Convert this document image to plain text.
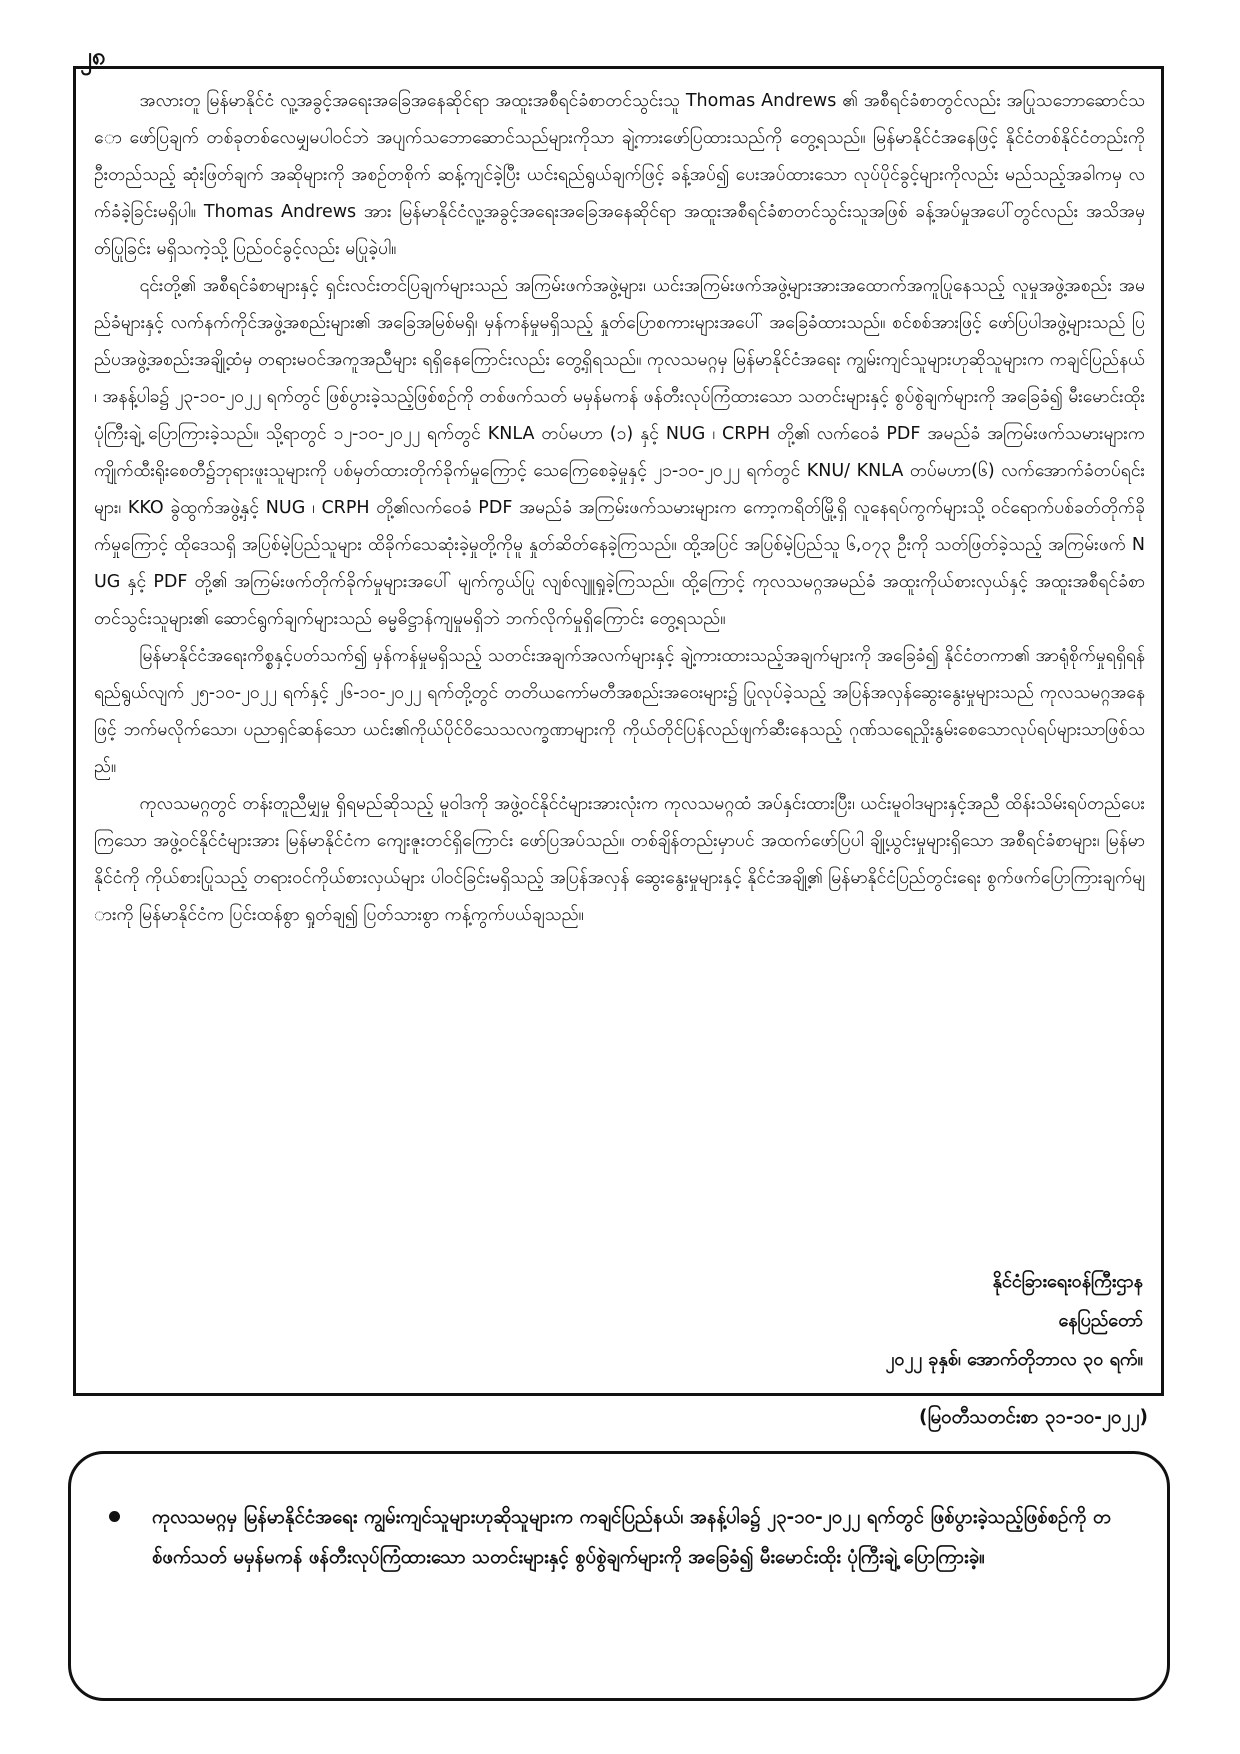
၂၈

အလားတူ မြန်မာနိုင်ငံ လူ့အခွင့်အရေးအခြေအနေဆိုင်ရာ အထူးအစီရင်ခံစာတင်သွင်းသူ Thomas Andrews ၏ အစီရင်ခံစာတွင်လည်း အပြုသဘောဆောင်သော ဖော်ပြချက် တစ်ခုတစ်လေမျှမပါဝင်ဘဲ အပျက်သဘောဆောင်သည်များကိုသာ ချဲ့ကားဖော်ပြထားသည်ကို တွေ့ရသည်။ မြန်မာနိုင်ငံအနေဖြင့် နိုင်ငံတစ်နိုင်ငံတည်းကို ဦးတည်သည့် ဆုံးဖြတ်ချက် အဆိုများကို အစဉ်တစိုက် ဆန့်ကျင်ခဲ့ပြီး ယင်းရည်ရွယ်ချက်ဖြင့် ခန့်အပ်၍ ပေးအပ်ထားသော လုပ်ပိုင်ခွင့်များကိုလည်း မည်သည့်အခါကမှ လက်ခံခဲ့ခြင်းမရှိပါ။ Thomas Andrews အား မြန်မာနိုင်ငံလူ့အခွင့်အရေးအခြေအနေဆိုင်ရာ အထူးအစီရင်ခံစာတင်သွင်းသူအဖြစ် ခန့်အပ်မှုအပေါ်တွင်လည်း အသိအမှတ်ပြုခြင်း မရှိသကဲ့သို့ ပြည်ဝင်ခွင့်လည်း မပြုခဲ့ပါ။

၎င်းတို့၏ အစီရင်ခံစာများနှင့် ရှင်းလင်းတင်ပြချက်များသည် အကြမ်းဖက်အဖွဲ့များ၊ ယင်းအကြမ်းဖက်အဖွဲ့များအားအထောက်အကူပြုနေသည့် လူမှုအဖွဲ့အစည်း အမည်ခံများနှင့် လက်နက်ကိုင်အဖွဲ့အစည်းများ၏ အခြေအမြစ်မရှိ၊ မှန်ကန်မှုမရှိသည့် နှုတ်ပြောစကားများအပေါ် အခြေခံထားသည်။ စင်စစ်အားဖြင့် ဖော်ပြပါအဖွဲ့များသည် ပြည်ပအဖွဲ့အစည်းအချို့ထံမှ တရားမဝင်အကူအညီများ ရရှိနေကြောင်းလည်း တွေ့ရှိရသည်။ ကုလသမဂ္ဂမှ မြန်မာနိုင်ငံအရေး ကျွမ်းကျင်သူများဟုဆိုသူများက ကချင်ပြည်နယ်၊ အနန့်ပါခ၌ ၂၃-၁၀-၂၀၂၂ ရက်တွင် ဖြစ်ပွားခဲ့သည့်ဖြစ်စဉ်ကို တစ်ဖက်သတ် မမှန်မကန် ဖန်တီးလုပ်ကြံထားသော သတင်းများနှင့် စွပ်စွဲချက်များကို အခြေခံ၍ မီးမောင်းထိုး ပုံကြီးချဲ့ ပြောကြားခဲ့သည်။ သို့ရာတွင် ၁၂-၁၀-၂၀၂၂ ရက်တွင် KNLA တပ်မဟာ (၁) နှင့် NUG ၊ CRPH တို့၏ လက်ဝေခံ PDF အမည်ခံ အကြမ်းဖက်သမားများက ကျိုက်ထီးရိုးစေတီ၌ဘုရားဖူးသူများကို ပစ်မှတ်ထားတိုက်ခိုက်မှုကြောင့် သေကြေစေခဲ့မှုနှင့် ၂၁-၁၀-၂၀၂၂ ရက်တွင် KNU/ KNLA တပ်မဟာ(၆) လက်အောက်ခံတပ်ရင်းများ၊ KKO ခွဲထွက်အဖွဲ့နှင့် NUG ၊ CRPH တို့၏လက်ဝေခံ PDF အမည်ခံ အကြမ်းဖက်သမားများက ကော့ကရိတ်မြို့ရှိ လူနေရပ်ကွက်များသို့ ဝင်ရောက်ပစ်ခတ်တိုက်ခိုက်မှုကြောင့် ထိုဒေသရှိ အပြစ်မဲ့ပြည်သူများ ထိခိုက်သေဆုံးခဲ့မှုတို့ကိုမူ နှုတ်ဆိတ်နေခဲ့ကြသည်။ ထို့အပြင် အပြစ်မဲ့ပြည်သူ ၆,၀၇၃ ဦးကို သတ်ဖြတ်ခဲ့သည့် အကြမ်းဖက် NUG နှင့် PDF တို့၏ အကြမ်းဖက်တိုက်ခိုက်မှုများအပေါ် မျက်ကွယ်ပြု လျစ်လျူရှုခဲ့ကြသည်။ ထို့ကြောင့် ကုလသမဂ္ဂအမည်ခံ အထူးကိုယ်စားလှယ်နှင့် အထူးအစီရင်ခံစာ တင်သွင်းသူများ၏ ဆောင်ရွက်ချက်များသည် ဓမ္မဓိဋ္ဌာန်ကျမှုမရှိဘဲ ဘက်လိုက်မှုရှိကြောင်း တွေ့ရသည်။

မြန်မာနိုင်ငံအရေးကိစ္စနှင့်ပတ်သက်၍ မှန်ကန်မှုမရှိသည့် သတင်းအချက်အလက်များနှင့် ချဲ့ကားထားသည့်အချက်များကို အခြေခံ၍ နိုင်ငံတကာ၏ အာရုံစိုက်မှုရရှိရန် ရည်ရွယ်လျက် ၂၅-၁၀-၂၀၂၂ ရက်နှင့် ၂၆-၁၀-၂၀၂၂ ရက်တို့တွင် တတိယကော်မတီအစည်းအဝေးများ၌ ပြုလုပ်ခဲ့သည့် အပြန်အလှန်ဆွေးနွေးမှုများသည် ကုလသမဂ္ဂအနေဖြင့် ဘက်မလိုက်သော၊ ပညာရှင်ဆန်သော ယင်း၏ကိုယ်ပိုင်ဝိသေသလက္ခဏာများကို ကိုယ်တိုင်ပြန်လည်ဖျက်ဆီးနေသည့် ဂုဏ်သရေညှိုးနွမ်းစေသောလုပ်ရပ်များသာဖြစ်သည်။

ကုလသမဂ္ဂတွင် တန်းတူညီမျှမှု ရှိရမည်ဆိုသည့် မူဝါဒကို အဖွဲ့ဝင်နိုင်ငံများအားလုံးက ကုလသမဂ္ဂထံ အပ်နှင်းထားပြီး၊ ယင်းမူဝါဒများနှင့်အညီ ထိန်းသိမ်းရပ်တည်ပေးကြသော အဖွဲ့ဝင်နိုင်ငံများအား မြန်မာနိုင်ငံက ကျေးဇူးတင်ရှိကြောင်း ဖော်ပြအပ်သည်။ တစ်ချိန်တည်းမှာပင် အထက်ဖော်ပြပါ ချို့ယွင်းမှုများရှိသော အစီရင်ခံစာများ၊ မြန်မာနိုင်ငံကို ကိုယ်စားပြုသည့် တရားဝင်ကိုယ်စားလှယ်များ ပါဝင်ခြင်းမရှိသည့် အပြန်အလှန် ဆွေးနွေးမှုများနှင့် နိုင်ငံအချို့၏ မြန်မာနိုင်ငံပြည်တွင်းရေး စွက်ဖက်ပြောကြားချက်များကို မြန်မာနိုင်ငံက ပြင်းထန်စွာ ရှုတ်ချ၍ ပြတ်သားစွာ ကန့်ကွက်ပယ်ချသည်။

နိုင်ငံခြားရေးဝန်ကြီးဌာန
နေပြည်တော်
၂၀၂၂ ခုနှစ်၊ အောက်တိုဘာလ ၃၀ ရက်။
(မြဝတီသတင်းစာ ၃၁-၁၀-၂၀၂၂)
ကုလသမဂ္ဂမှ မြန်မာနိုင်ငံအရေး ကျွမ်းကျင်သူများဟုဆိုသူများက ကချင်ပြည်နယ်၊ အနန့်ပါခ၌ ၂၃-၁၀-၂၀၂၂ ရက်တွင် ဖြစ်ပွားခဲ့သည့်ဖြစ်စဉ်ကို တစ်ဖက်သတ် မမှန်မကန် ဖန်တီးလုပ်ကြံထားသော သတင်းများနှင့် စွပ်စွဲချက်များကို အခြေခံ၍ မီးမောင်းထိုး ပုံကြီးချဲ့ ပြောကြားခဲ့။
